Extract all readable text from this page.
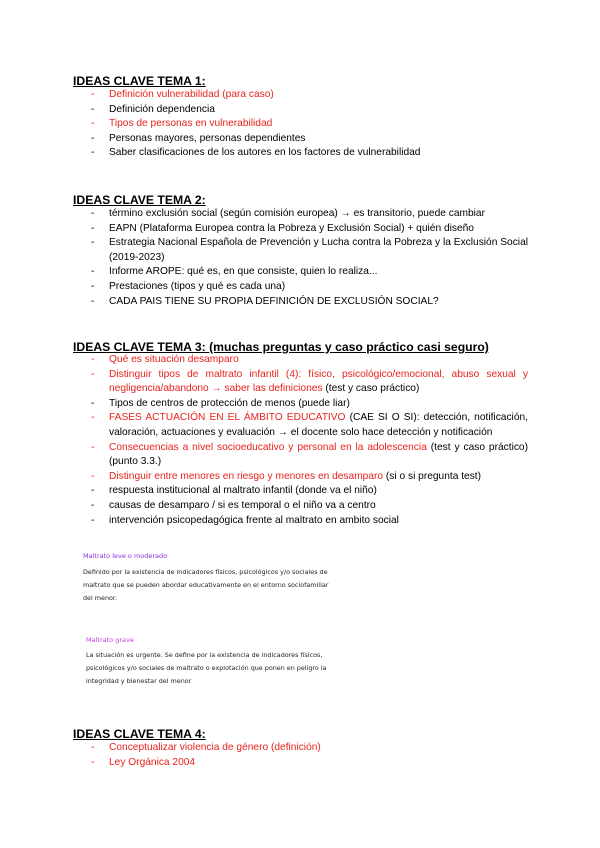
IDEAS CLAVE TEMA 1:
- Definición vulnerabilidad (para caso)
- Definición dependencia
- Tipos de personas en vulnerabilidad
- Personas mayores, personas dependientes
- Saber clasificaciones de los autores en los factores de vulnerabilidad
IDEAS CLAVE TEMA 2:
- término exclusión social (según comisión europea) → es transitorio, puede cambiar
- EAPN (Plataforma Europea contra la Pobreza y Exclusión Social) + quién diseño
- Estrategia Nacional Española de Prevención y Lucha contra la Pobreza y la Exclusión Social (2019-2023)
- Informe AROPE: qué es, en que consiste, quien lo realiza...
- Prestaciones (tipos y qué es cada una)
- CADA PAIS TIENE SU PROPIA DEFINICIÓN DE EXCLUSIÓN SOCIAL?
IDEAS CLAVE TEMA 3: (muchas preguntas y caso práctico casi seguro)
- Qué es situación desamparo
- Distinguir tipos de maltrato infantil (4): físico, psicológico/emocional, abuso sexual y negligencia/abandono → saber las definiciones (test y caso práctico)
- Tipos de centros de protección de menos (puede liar)
- FASES ACTUACIÓN EN EL ÁMBITO EDUCATIVO (CAE SI O SI): detección, notificación, valoración, actuaciones y evaluación → el docente solo hace detección y notificación
- Consecuencias a nivel socioeducativo y personal en la adolescencia (test y caso práctico) (punto 3.3.)
- Distinguir entre menores en riesgo y menores en desamparo (si o si pregunta test)
- respuesta institucional al maltrato infantil (donde va el niño)
- causas de desamparo / si es temporal o el niño va a centro
- intervención psicopedagógica frente al maltrato en ambito social

Maltrato leve o moderado

Definido por la existencia de indicadores físicos, psicológicos y/o sociales de maltrato que se pueden abordar educativamente en el entorno sociofamiliar del menor.

Maltrato grave

La situación es urgente. Se define por la existencia de indicadores físicos, psicológicos y/o sociales de maltrato o explotación que ponen en peligro la integridad y bienestar del menor

IDEAS CLAVE TEMA 4:
- Conceptualizar violencia de género (definición)
- Ley Orgánica 2004
